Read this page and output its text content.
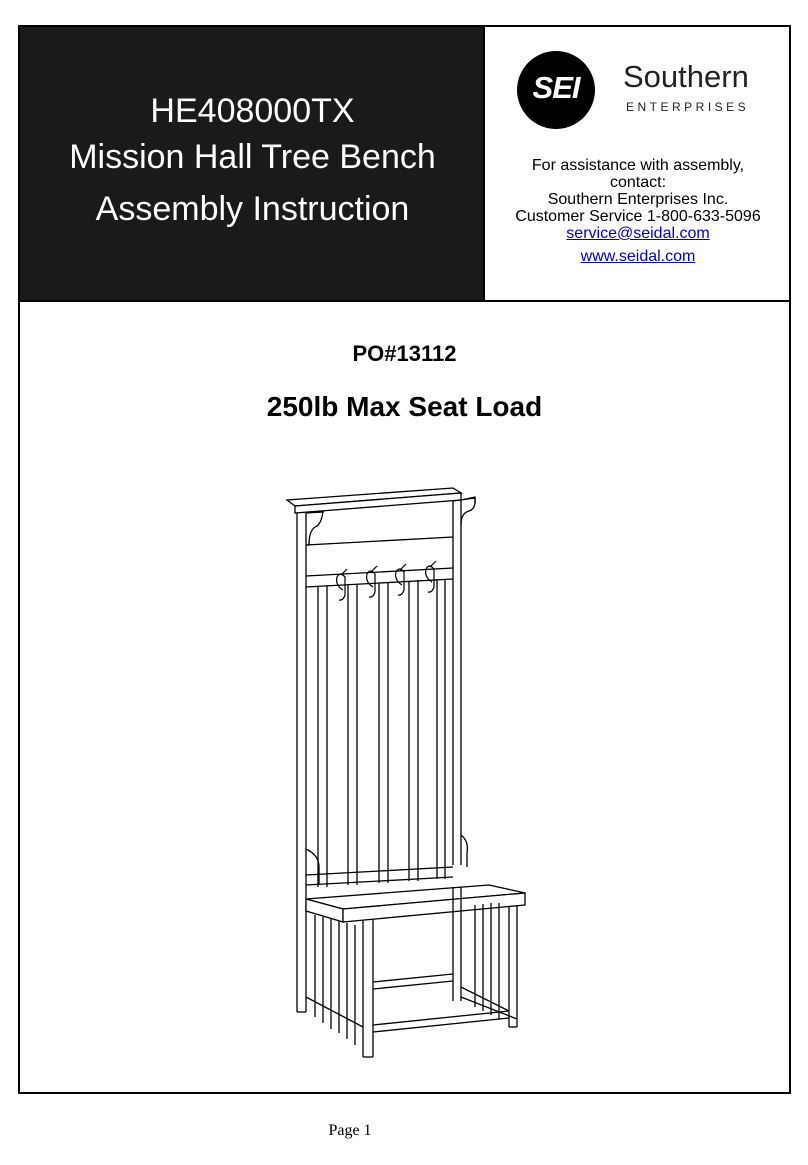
HE408000TX
Mission Hall Tree Bench
Assembly Instruction
SEI Southern
ENTERPRISES
For assistance with assembly,
contact:
Southern Enterprises Inc.
Customer Service 1-800-633-5096
service@seidal.com
www.seidal.com
PO#13112
250lb Max Seat Load
Page 1
